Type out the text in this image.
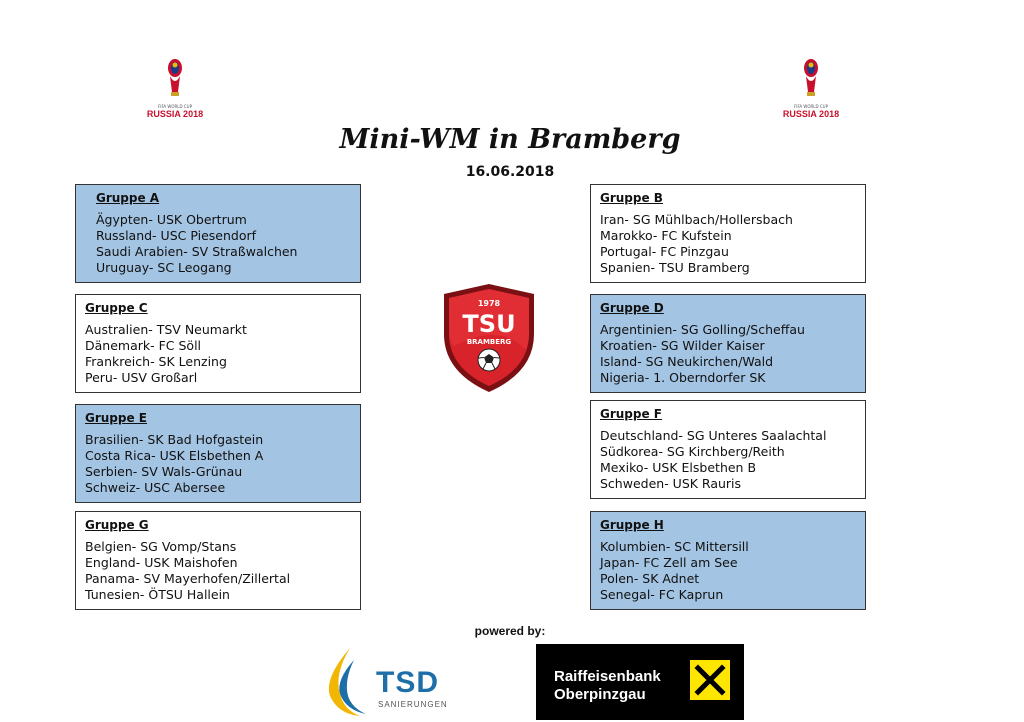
FIFA WORLD CUP
RUSSIA 2018
FIFA WORLD CUP
RUSSIA 2018
Mini-WM in Bramberg
16.06.2018
Gruppe A
Ägypten- USK Obertrum
Russland- USC Piesendorf
Saudi Arabien- SV Straßwalchen
Uruguay- SC Leogang
Gruppe C
Australien- TSV Neumarkt
Dänemark- FC Söll
Frankreich- SK Lenzing
Peru- USV Großarl
Gruppe E
Brasilien- SK Bad Hofgastein
Costa Rica- USK Elsbethen A
Serbien- SV Wals-Grünau
Schweiz- USC Abersee
Gruppe G
Belgien- SG Vomp/Stans
England- USK Maishofen
Panama- SV Mayerhofen/Zillertal
Tunesien- ÖTSU Hallein
Gruppe B
Iran- SG Mühlbach/Hollersbach
Marokko- FC Kufstein
Portugal- FC Pinzgau
Spanien- TSU Bramberg
Gruppe D
Argentinien- SG Golling/Scheffau
Kroatien- SG Wilder Kaiser
Island- SG Neukirchen/Wald
Nigeria- 1. Oberndorfer SK
Gruppe F
Deutschland- SG Unteres Saalachtal
Südkorea- SG Kirchberg/Reith
Mexiko- USK Elsbethen B
Schweden- USK Rauris
Gruppe H
Kolumbien- SC Mittersill
Japan- FC Zell am See
Polen- SK Adnet
Senegal- FC Kaprun
1978
TSU
BRAMBERG
powered by:
TSD
SANIERUNGEN
Raiffeisenbank
Oberpinzgau
